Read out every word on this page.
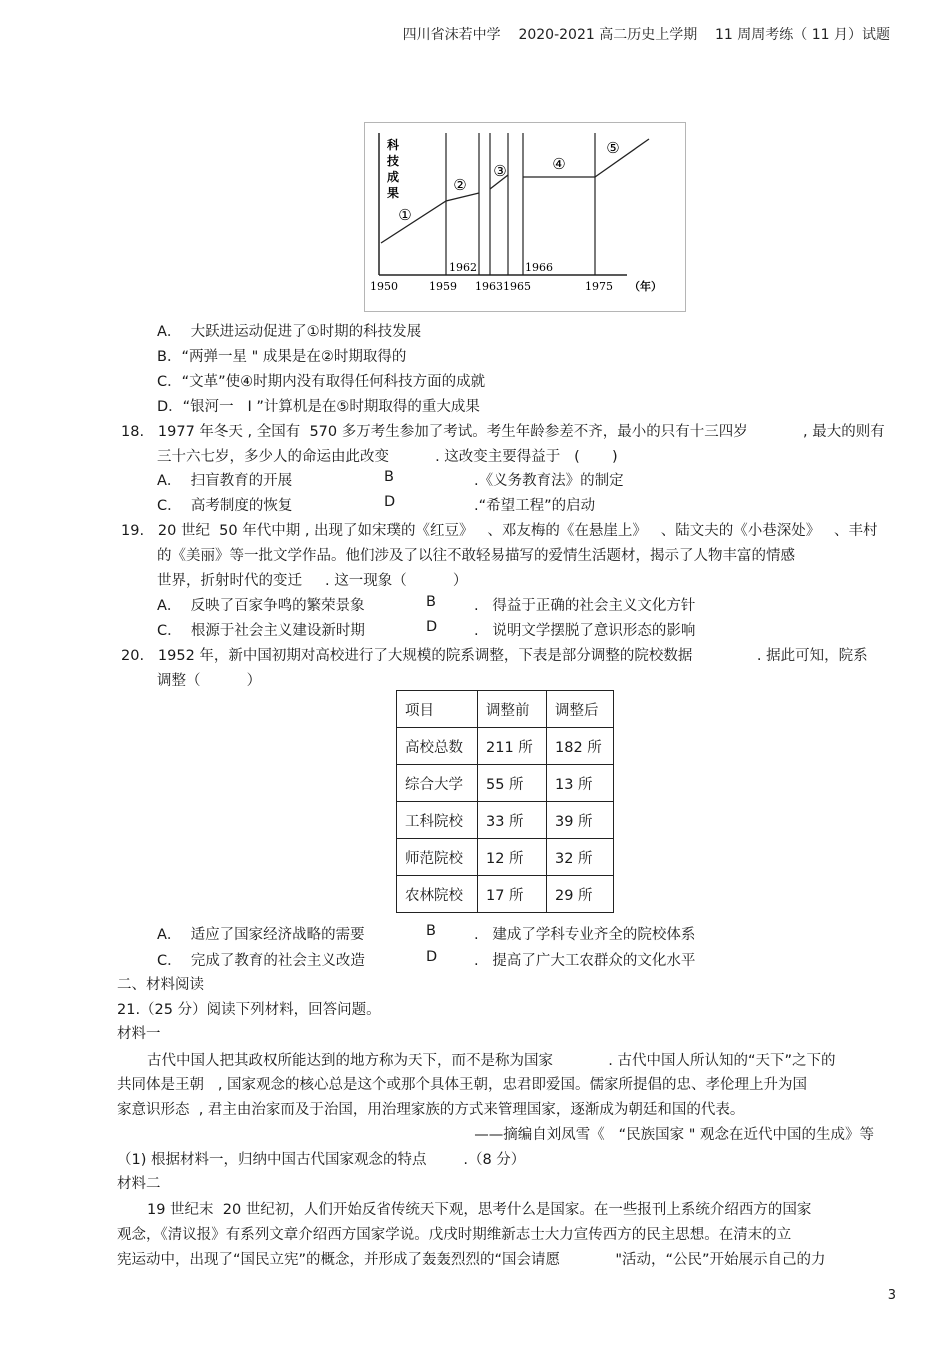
四川省沫若中学    2020-2021 高二历史上学期    11 周周考练（ 11 月）试题
①
②
③	④
⑤
科
技
成
果
1962	1966
1950	1959 19631965	1975 （年）
A．  大跃进运动促进了①时期的科技发展
B．“两弹一星 " 成果是在②时期取得的
C．“文革”使④时期内没有取得任何科技方面的成就
D．“银河一   I ”计算机是在⑤时期取得的重大成果
18.   1977 年冬天 , 全国有  570 多万考生参加了考试。考生年龄参差不齐，最小的只有十三四岁            , 最大的则有
三十六七岁，多少人的命运由此改变          . 这改变主要得益于   (       )
A．  扫盲教育的开展	B	.《义务教育法》的制定
C．  高考制度的恢复	D	.“希望工程”的启动
19.   20 世纪  50 年代中期 , 出现了如宋璞的《红豆》   、邓友梅的《在悬崖上》   、陆文夫的《小巷深处》   、丰村
的《美丽》等一批文学作品。他们涉及了以往不敢轻易描写的爱情生活题材，揭示了人物丰富的情感
世界，折射时代的变迁     . 这一现象（          ）
A．  反映了百家争鸣的繁荣景象	B	.   得益于正确的社会主义文化方针
C．  根源于社会主义建设新时期	D	.   说明文学摆脱了意识形态的影响
20.   1952 年，新中国初期对高校进行了大规模的院系调整，下表是部分调整的院校数据              . 据此可知，院系
调整（          ）
项目	调整前	调整后
高校总数	211 所	182 所
综合大学	55 所	13 所
工科院校	33 所	39 所
师范院校	12 所	32 所
农林院校	17 所	29 所
A．  适应了国家经济战略的需要	B	.   建成了学科专业齐全的院校体系
C．  完成了教育的社会主义改造	D	.   提高了广大工农群众的文化水平
二、材料阅读
21.（25 分）阅读下列材料，回答问题。
材料一
古代中国人把其政权所能达到的地方称为天下，而不是称为国家            . 古代中国人所认知的“天下”之下的
共同体是王朝   , 国家观念的核心总是这个或那个具体王朝，忠君即爱国。儒家所提倡的忠、孝伦理上升为国
家意识形态  , 君主由治家而及于治国，用治理家族的方式来管理国家，逐渐成为朝廷和国的代表。
——摘编自刘凤雪《   “民族国家 " 观念在近代中国的生成》等
（1) 根据材料一，归纳中国古代国家观念的特点        .（8 分）
材料二
19 世纪末  20 世纪初，人们开始反省传统天下观，思考什么是国家。在一些报刊上系统介绍西方的国家
观念，《清议报》有系列文章介绍西方国家学说。戊戌时期维新志士大力宣传西方的民主思想。在清末的立
宪运动中，出现了“国民立宪”的概念，并形成了轰轰烈烈的“国会请愿            "活动，“公民”开始展示自己的力
3
